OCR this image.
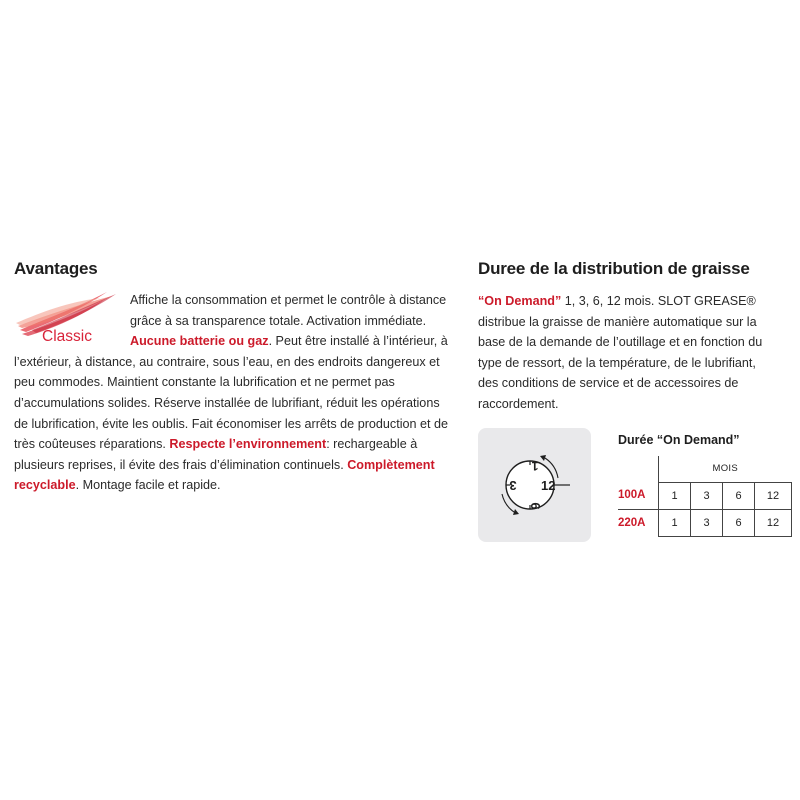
Avantages	Duree de la distribution de graisse

Affiche la consommation et permet le contrôle à distance grâce à sa transparence totale. Activation immédiate. Aucune batterie ou gaz. Peut être installé à l’intérieur, à l’extérieur, à distance, au contraire, sous l’eau, en des endroits dangereux et peu commodes. Maintient constante la lubrification et ne permet pas d’accumulations solides. Réserve installée de lubrifiant, réduit les opérations de lubrification, évite les oublis. Fait économiser les arrêts de production et de très coûteuses réparations. Respecte l’environnement: rechargeable à plusieurs reprises, il évite des frais d’élimination continuels. Complètement recyclable. Montage facile et rapide.

Classic

“On Demand” 1, 3, 6, 12 mois. SLOT GREASE® distribue la graisse de manière automatique sur la base de la demande de l’outillage et en fonction du type de ressort, de la température, de le lubrifiant, des conditions de service et de accessoires de raccordement.

1
3
6
12
Durée “On Demand”
	MOIS			
100A	1	3	6	12
220A	1	3	6	12
